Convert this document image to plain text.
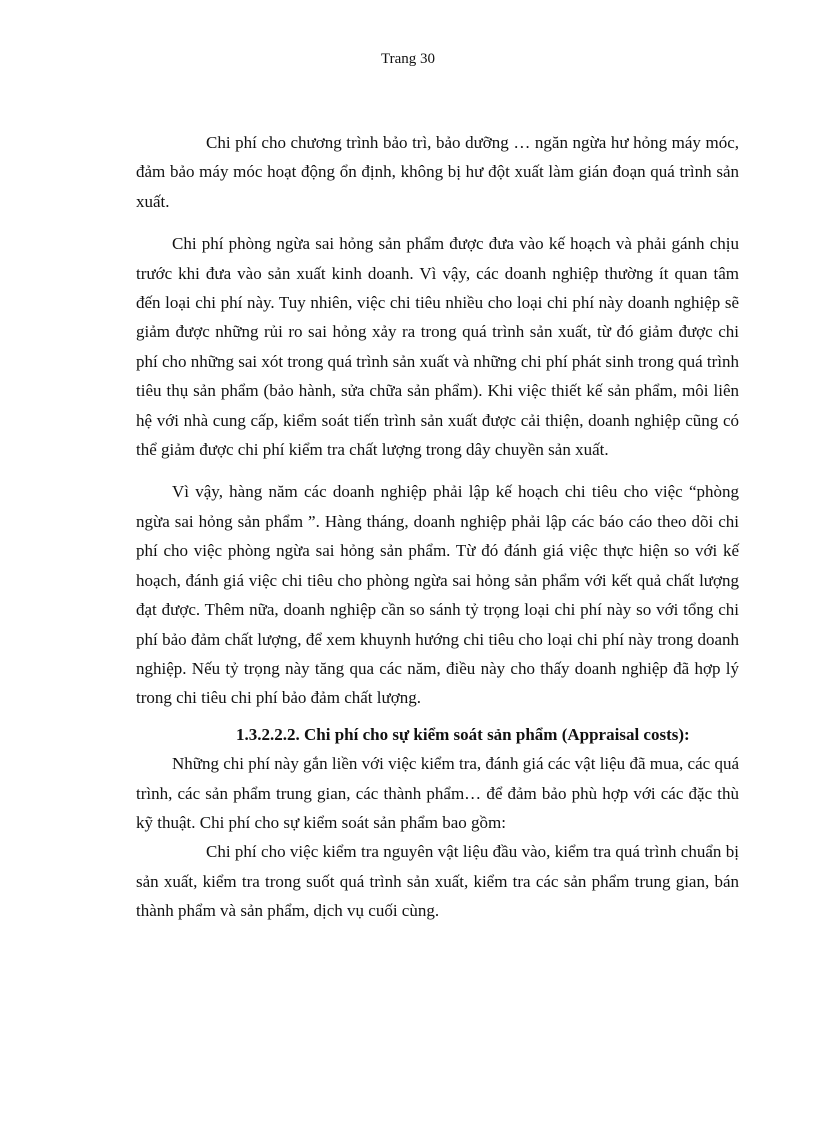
Trang 30

Chi phí cho chương trình bảo trì, bảo dưỡng … ngăn ngừa hư hỏng máy móc, đảm bảo máy móc hoạt động ổn định, không bị hư đột xuất làm gián đoạn quá trình sản xuất.

Chi phí phòng ngừa sai hỏng sản phẩm được đưa vào kế hoạch và phải gánh chịu trước khi đưa vào sản xuất kinh doanh. Vì vậy, các doanh nghiệp thường ít quan tâm đến loại chi phí này. Tuy nhiên, việc chi tiêu nhiều cho loại chi phí này doanh nghiệp sẽ giảm được những rủi ro sai hỏng xảy ra trong quá trình sản xuất, từ đó giảm được chi phí cho những sai xót trong quá trình sản xuất và những chi phí phát sinh trong quá trình tiêu thụ sản phẩm (bảo hành, sửa chữa sản phẩm). Khi việc thiết kế sản phẩm, môi liên hệ với nhà cung cấp, kiểm soát tiến trình sản xuất được cải thiện, doanh nghiệp cũng có thể giảm được chi phí kiểm tra chất lượng trong dây chuyền sản xuất.

Vì vậy, hàng năm các doanh nghiệp phải lập kế hoạch chi tiêu cho việc “phòng ngừa sai hỏng sản phẩm ”. Hàng tháng, doanh nghiệp phải lập các báo cáo theo dõi chi phí cho việc phòng ngừa sai hỏng sản phẩm. Từ đó đánh giá việc thực hiện so với kế hoạch, đánh giá việc chi tiêu cho phòng ngừa sai hỏng sản phẩm với kết quả chất lượng đạt được. Thêm nữa, doanh nghiệp cần so sánh tỷ trọng loại chi phí này so với tổng chi phí bảo đảm chất lượng, để xem khuynh hướng chi tiêu cho loại chi phí này trong doanh nghiệp. Nếu tỷ trọng này tăng qua các năm, điều này cho thấy doanh nghiệp đã hợp lý trong chi tiêu chi phí bảo đảm chất lượng.

1.3.2.2.2. Chi phí cho sự kiểm soát sản phẩm (Appraisal costs):

Những chi phí này gắn liền với việc kiểm tra, đánh giá các vật liệu đã mua, các quá trình, các sản phẩm trung gian, các thành phẩm… để đảm bảo phù hợp với các đặc thù kỹ thuật. Chi phí cho sự kiểm soát sản phẩm bao gồm:

Chi phí cho việc kiểm tra nguyên vật liệu đầu vào, kiểm tra quá trình chuẩn bị sản xuất, kiểm tra trong suốt quá trình sản xuất, kiểm tra các sản phẩm trung gian, bán thành phẩm và sản phẩm, dịch vụ cuối cùng.
